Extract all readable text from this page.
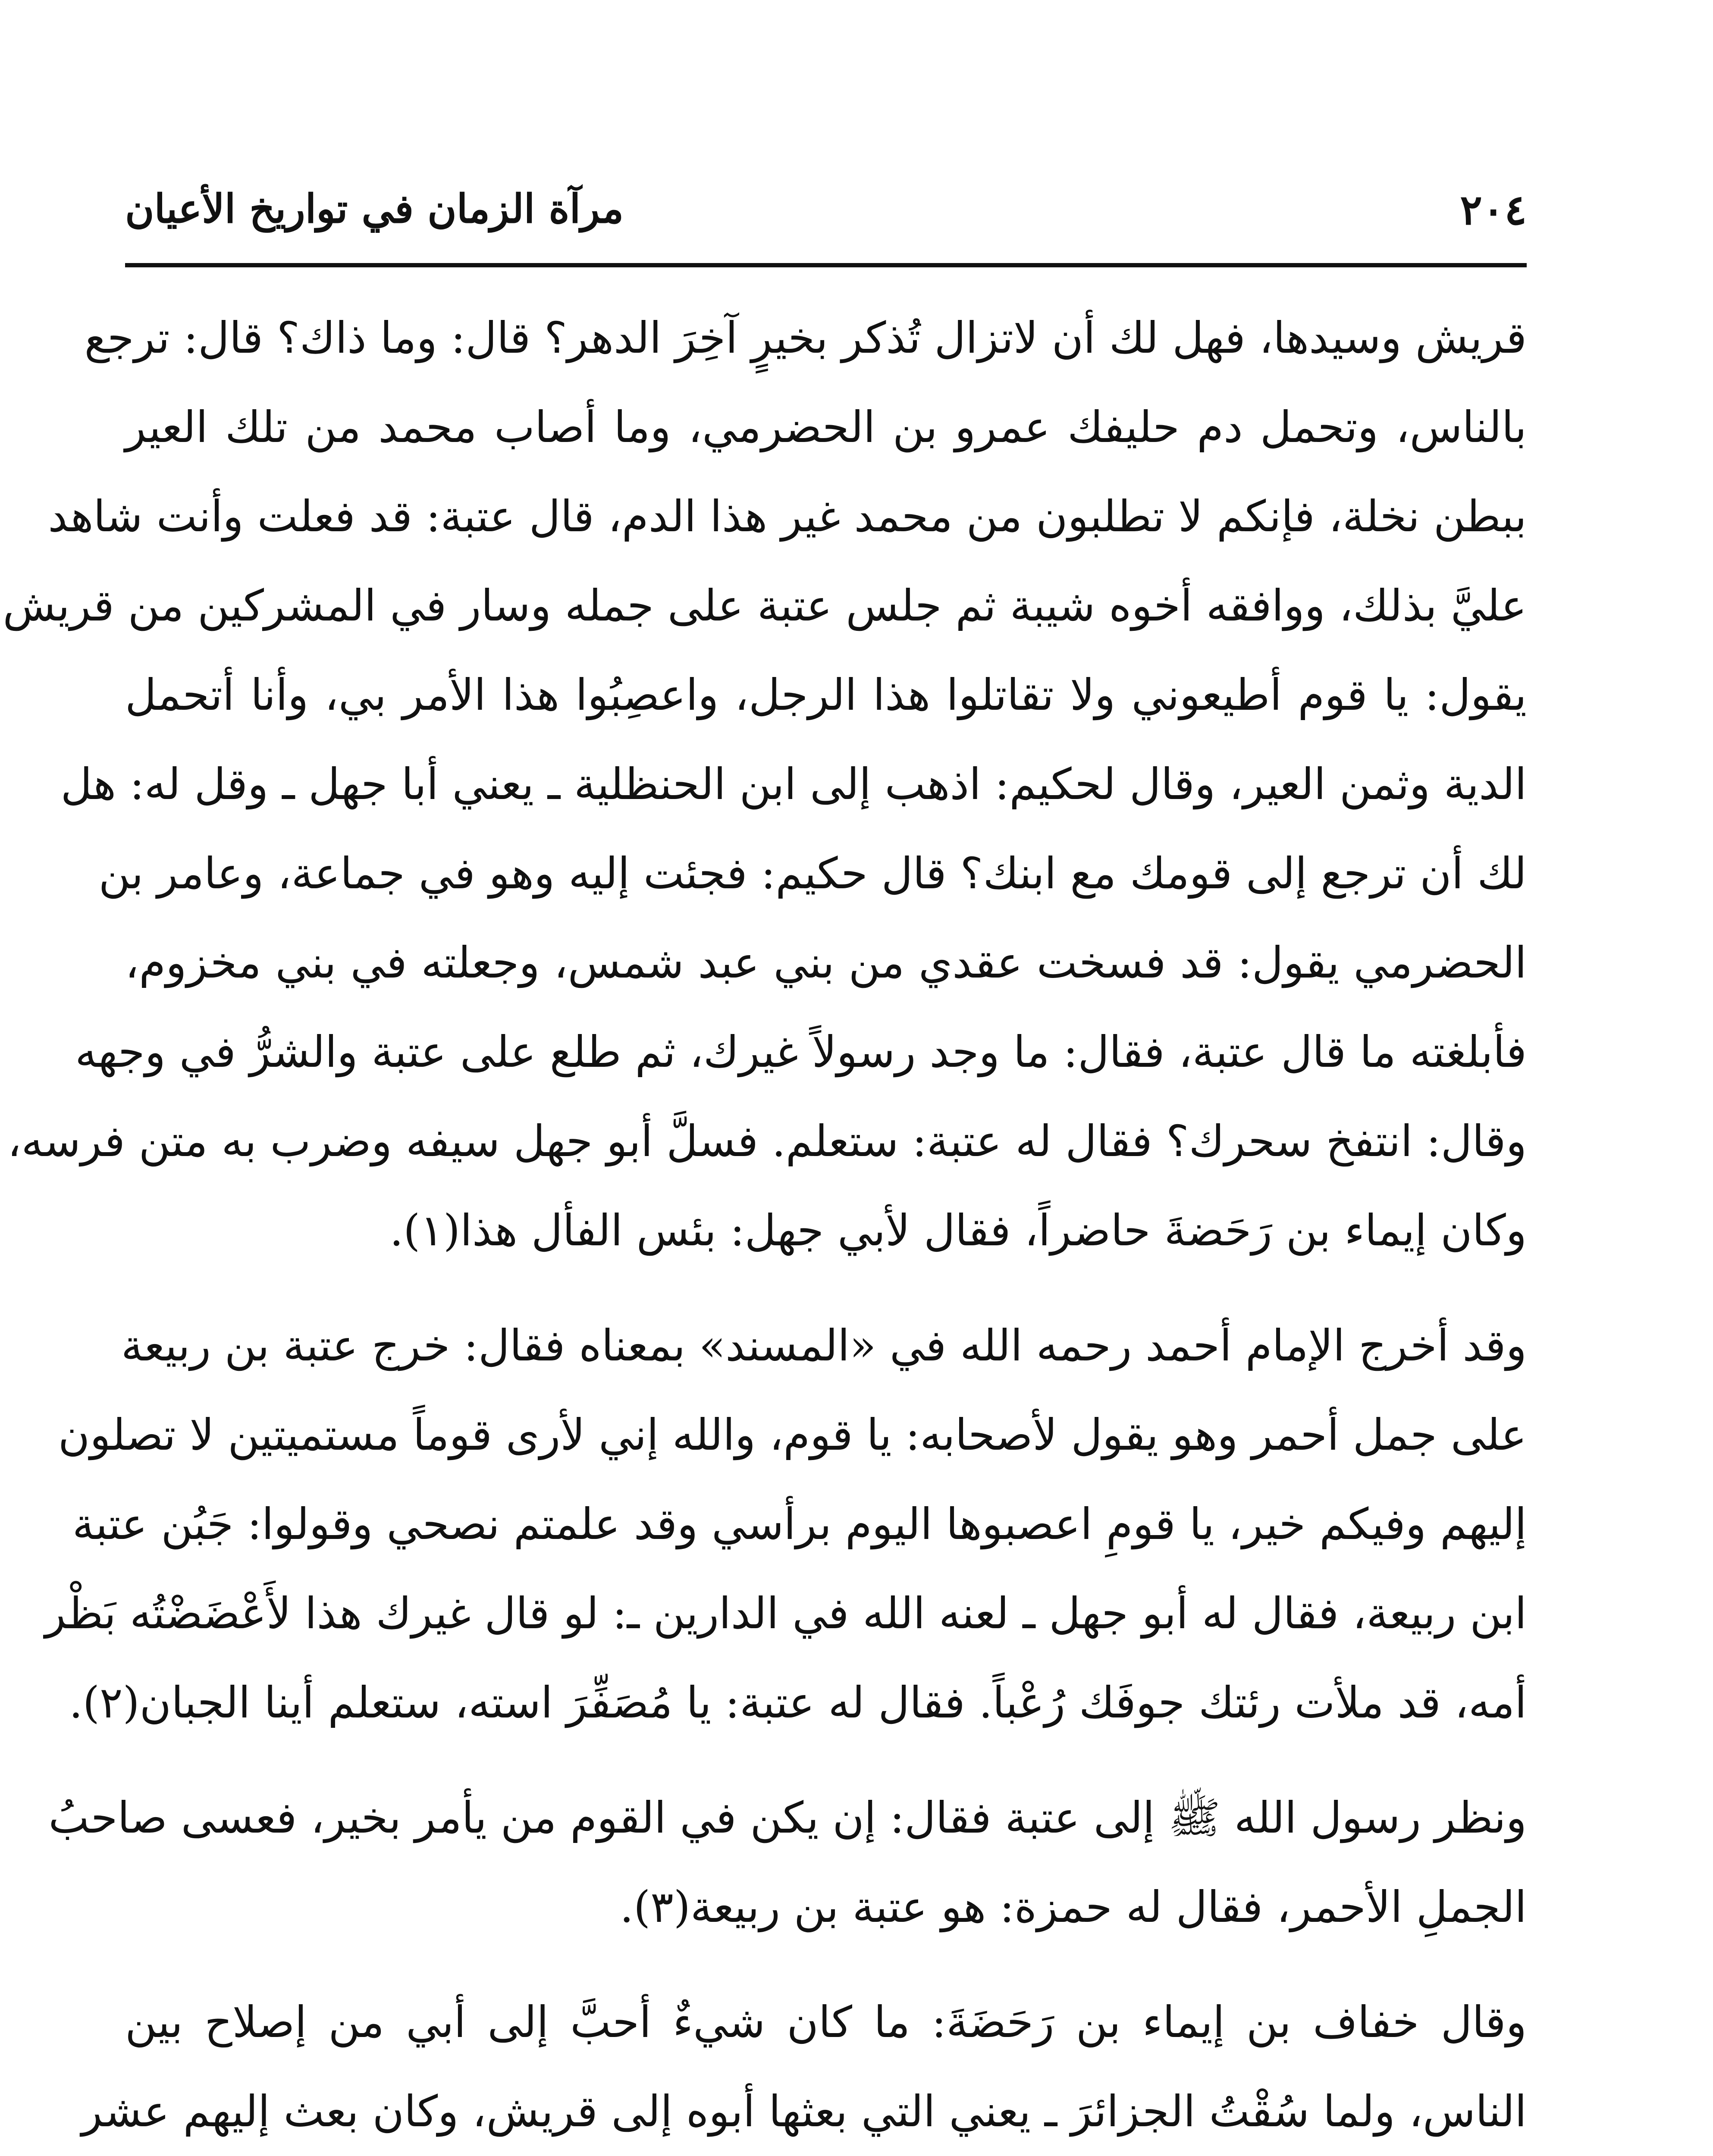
٢٠٤
مرآة الزمان في تواريخ الأعيان
قريش وسيدها، فهل لك أن لاتزال تُذكر بخيرٍ آخِرَ الدهر؟ قال: وما ذاك؟ قال: ترجع
بالناس، وتحمل دم حليفك عمرو بن الحضرمي، وما أصاب محمد من تلك العير
ببطن نخلة، فإنكم لا تطلبون من محمد غير هذا الدم، قال عتبة: قد فعلت وأنت شاهد
عليَّ بذلك، ووافقه أخوه شيبة ثم جلس عتبة على جمله وسار في المشركين من قريش
يقول: يا قوم أطيعوني ولا تقاتلوا هذا الرجل، واعصِبُوا هذا الأمر بي، وأنا أتحمل
الدية وثمن العير، وقال لحكيم: اذهب إلى ابن الحنظلية ـ يعني أبا جهل ـ وقل له: هل
لك أن ترجع إلى قومك مع ابنك؟ قال حكيم: فجئت إليه وهو في جماعة، وعامر بن
الحضرمي يقول: قد فسخت عقدي من بني عبد شمس، وجعلته في بني مخزوم،
فأبلغته ما قال عتبة، فقال: ما وجد رسولاً غيرك، ثم طلع على عتبة والشرُّ في وجهه
وقال: انتفخ سحرك؟ فقال له عتبة: ستعلم. فسلَّ أبو جهل سيفه وضرب به متن فرسه،
وكان إيماء بن رَحَضةَ حاضراً، فقال لأبي جهل: بئس الفأل هذا(١).
وقد أخرج الإمام أحمد رحمه الله في «المسند» بمعناه فقال: خرج عتبة بن ربيعة
على جمل أحمر وهو يقول لأصحابه: يا قوم، والله إني لأرى قوماً مستميتين لا تصلون
إليهم وفيكم خير، يا قومِ اعصبوها اليوم برأسي وقد علمتم نصحي وقولوا: جَبُن عتبة
ابن ربيعة، فقال له أبو جهل ـ لعنه الله في الدارين ـ: لو قال غيرك هذا لأَعْضَضْتُه بَظْر
أمه، قد ملأت رئتك جوفَك رُعْباً. فقال له عتبة: يا مُصَفِّرَ استه، ستعلم أينا الجبان(٢).
ونظر رسول الله ﷺ إلى عتبة فقال: إن يكن في القوم من يأمر بخير، فعسى صاحبُ
الجملِ الأحمر، فقال له حمزة: هو عتبة بن ربيعة(٣).
وقال خفاف بن إيماء بن رَحَضَةَ: ما كان شيءٌ أحبَّ إلى أبي من إصلاح بين
الناس، ولما سُقْتُ الجزائرَ ـ يعني التي بعثها أبوه إلى قريش، وكان بعث إليهم عشر
